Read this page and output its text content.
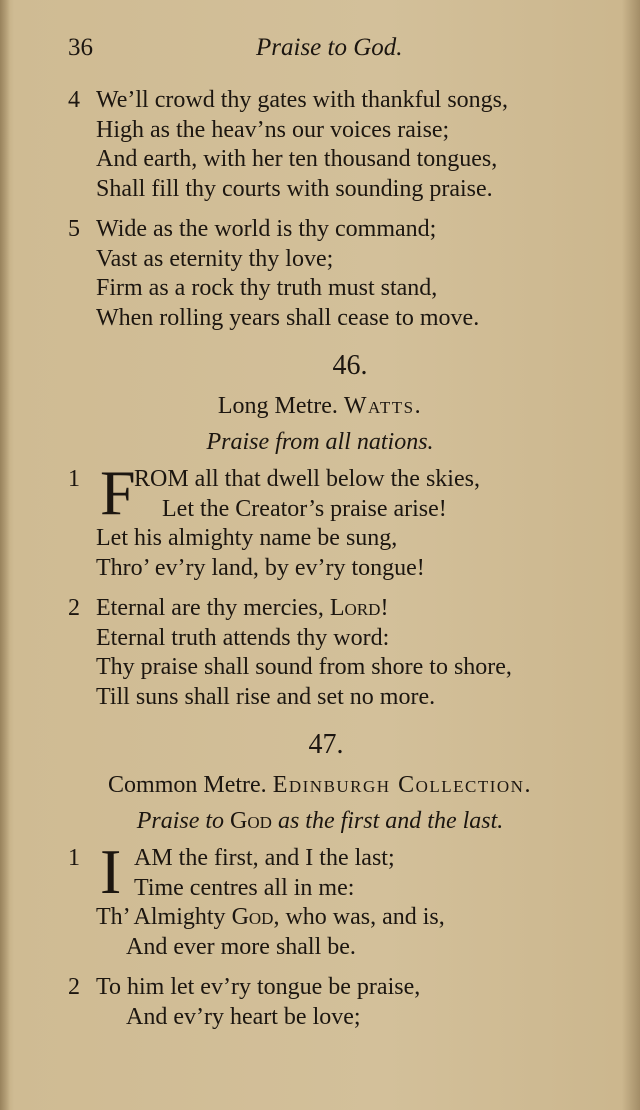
36	Praise to God.
4 We’ll crowd thy gates with thankful songs,
High as the heav’ns our voices raise;
And earth, with her ten thousand tongues,
Shall fill thy courts with sounding praise.
5 Wide as the world is thy command;
Vast as eternity thy love;
Firm as a rock thy truth must stand,
When rolling years shall cease to move.
46.
Long Metre. Watts.
Praise from all nations.
1 F
ROM all that dwell below the skies,
Let the Creator’s praise arise!
Let his almighty name be sung,
Thro’ ev’ry land, by ev’ry tongue!
2 Eternal are thy mercies, Lord!
Eternal truth attends thy word:
Thy praise shall sound from shore to shore,
Till suns shall rise and set no more.
47.
Common Metre. Edinburgh Collection.
Praise to God as the first and the last.
1 I AM the first, and I the last;
Time centres all in me:
Th’ Almighty God, who was, and is,
And ever more shall be.
2 To him let ev’ry tongue be praise,
And ev’ry heart be love;
